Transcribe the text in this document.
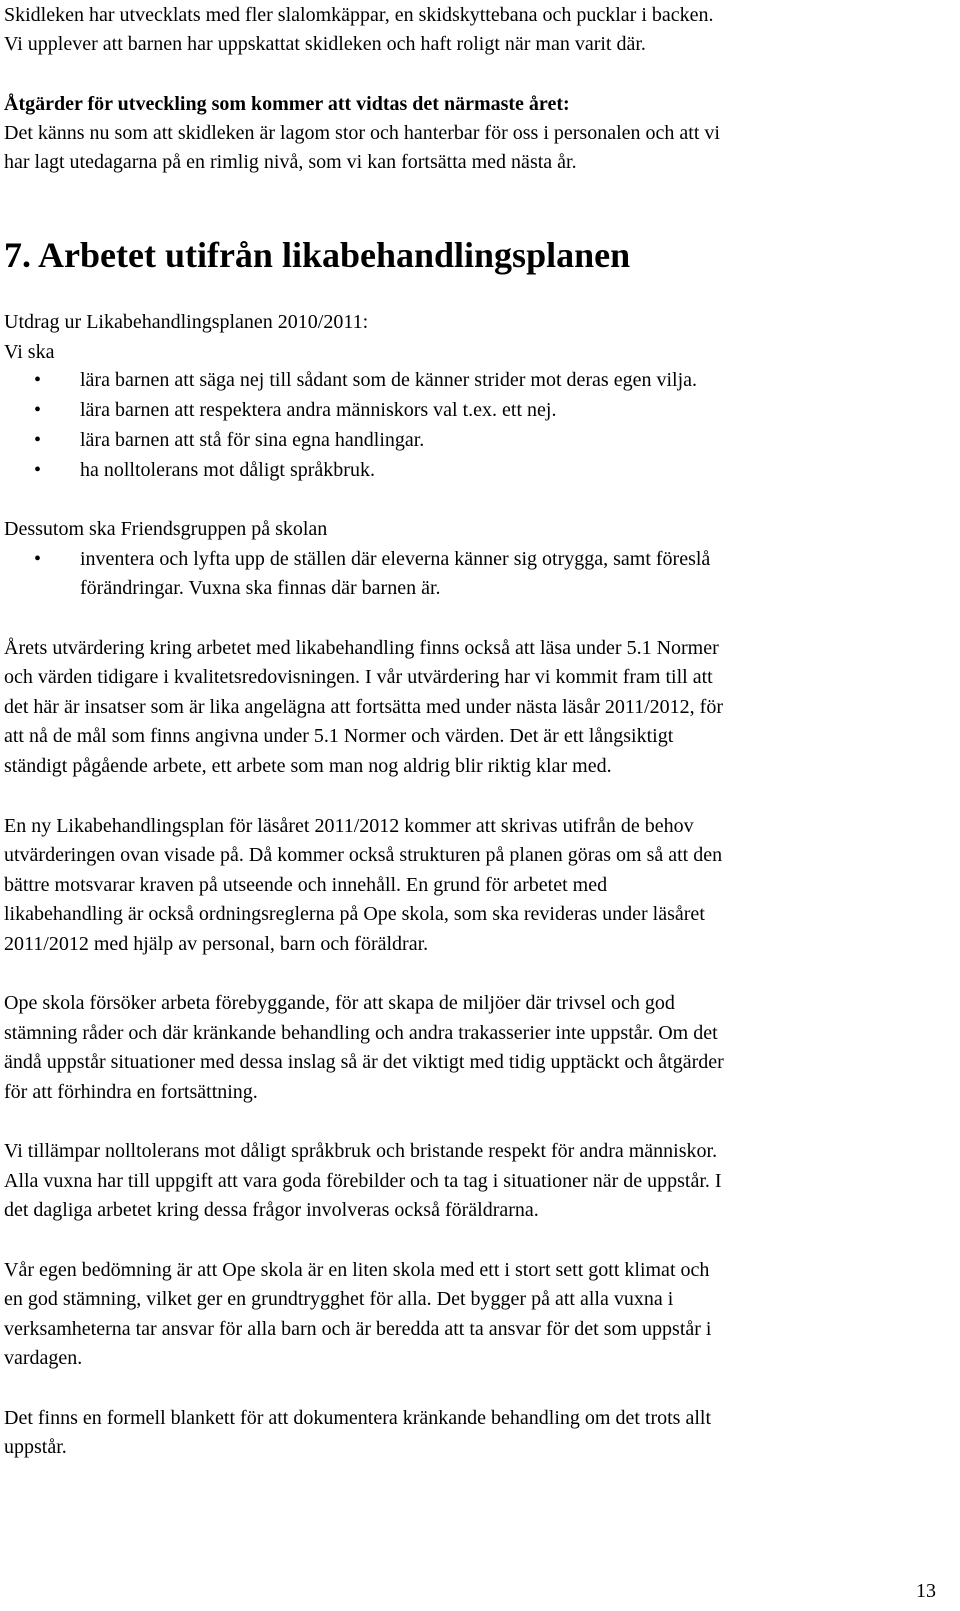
Skidleken har utvecklats med fler slalomkäppar, en skidskyttebana och pucklar i backen.
Vi upplever att barnen har uppskattat skidleken och haft roligt när man varit där.
Åtgärder för utveckling som kommer att vidtas det närmaste året:
Det känns nu som att skidleken är lagom stor och hanterbar för oss i personalen och att vi
har lagt utedagarna på en rimlig nivå, som vi kan fortsätta med nästa år.
7. Arbetet utifrån likabehandlingsplanen
Utdrag ur Likabehandlingsplanen 2010/2011:
Vi ska
• lära barnen att säga nej till sådant som de känner strider mot deras egen vilja.
• lära barnen att respektera andra människors val t.ex. ett nej.
• lära barnen att stå för sina egna handlingar.
• ha nolltolerans mot dåligt språkbruk.
Dessutom ska Friendsgruppen på skolan
• inventera och lyfta upp de ställen där eleverna känner sig otrygga, samt föreslå
förändringar. Vuxna ska finnas där barnen är.
Årets utvärdering kring arbetet med likabehandling finns också att läsa under 5.1 Normer
och värden tidigare i kvalitetsredovisningen. I vår utvärdering har vi kommit fram till att
det här är insatser som är lika angelägna att fortsätta med under nästa läsår 2011/2012, för
att nå de mål som finns angivna under 5.1 Normer och värden. Det är ett långsiktigt
ständigt pågående arbete, ett arbete som man nog aldrig blir riktig klar med.
En ny Likabehandlingsplan för läsåret 2011/2012 kommer att skrivas utifrån de behov
utvärderingen ovan visade på. Då kommer också strukturen på planen göras om så att den
bättre motsvarar kraven på utseende och innehåll. En grund för arbetet med
likabehandling är också ordningsreglerna på Ope skola, som ska revideras under läsåret
2011/2012 med hjälp av personal, barn och föräldrar.
Ope skola försöker arbeta förebyggande, för att skapa de miljöer där trivsel och god
stämning råder och där kränkande behandling och andra trakasserier inte uppstår. Om det
ändå uppstår situationer med dessa inslag så är det viktigt med tidig upptäckt och åtgärder
för att förhindra en fortsättning.
Vi tillämpar nolltolerans mot dåligt språkbruk och bristande respekt för andra människor.
Alla vuxna har till uppgift att vara goda förebilder och ta tag i situationer när de uppstår. I
det dagliga arbetet kring dessa frågor involveras också föräldrarna.
Vår egen bedömning är att Ope skola är en liten skola med ett i stort sett gott klimat och
en god stämning, vilket ger en grundtrygghet för alla. Det bygger på att alla vuxna i
verksamheterna tar ansvar för alla barn och är beredda att ta ansvar för det som uppstår i
vardagen.
Det finns en formell blankett för att dokumentera kränkande behandling om det trots allt
uppstår.
13
